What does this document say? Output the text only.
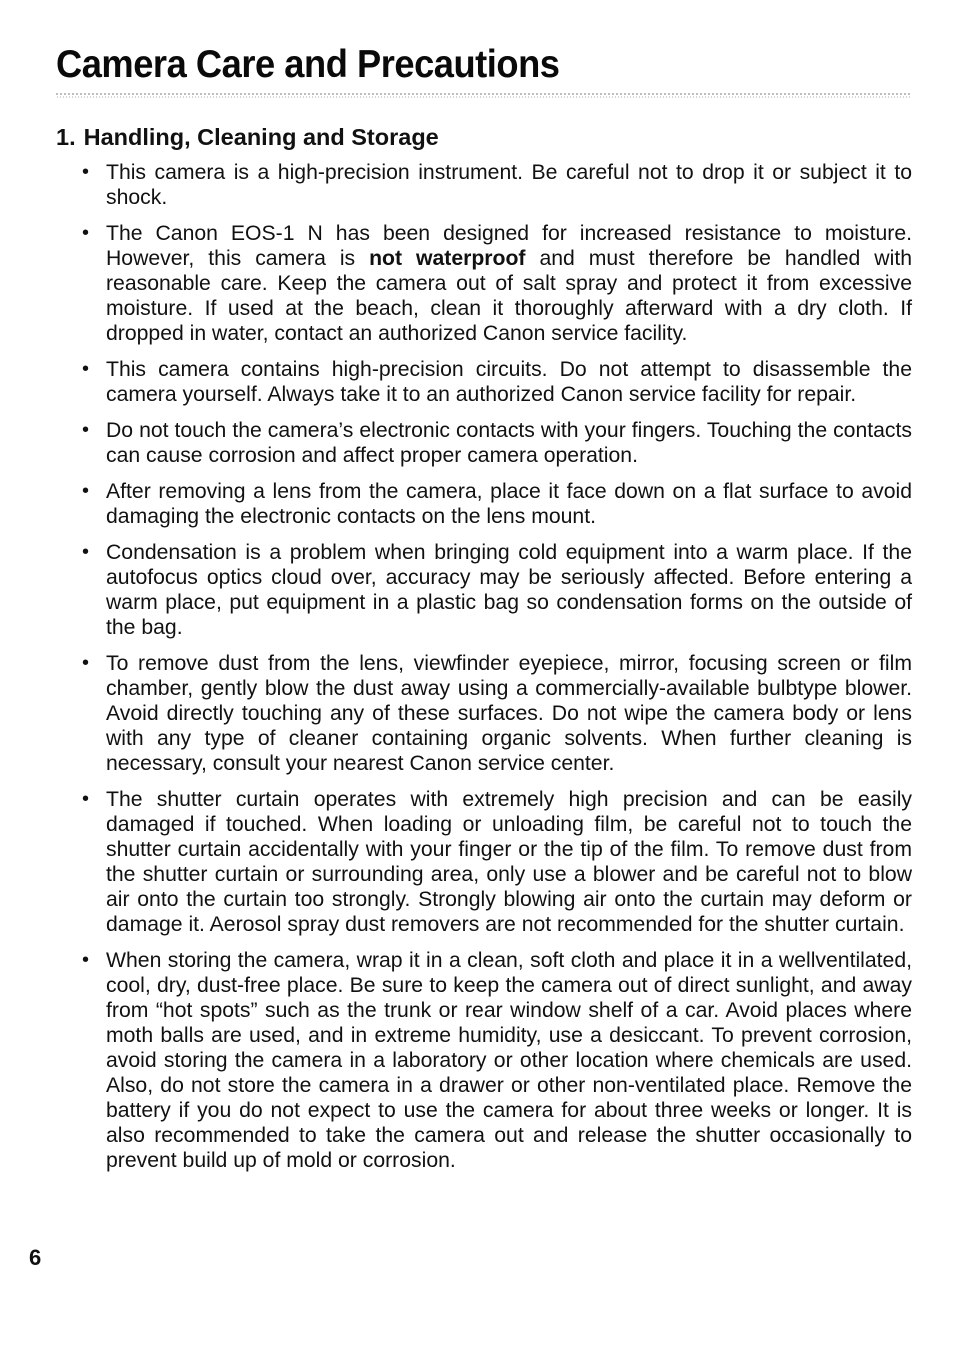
Camera Care and Precautions
1. Handling, Cleaning and Storage
• This camera is a high-precision instrument. Be careful not to drop it or subject it to shock.
• The Canon EOS-1 N has been designed for increased resistance to moisture. However, this camera is not waterproof and must therefore be handled with reasonable care. Keep the camera out of salt spray and protect it from excessive moisture. If used at the beach, clean it thoroughly afterward with a dry cloth. If dropped in water, contact an authorized Canon service facility.
• This camera contains high-precision circuits. Do not attempt to disassemble the camera yourself. Always take it to an authorized Canon service facility for repair.
• Do not touch the camera’s electronic contacts with your fingers. Touching the contacts can cause corrosion and affect proper camera operation.
• After removing a lens from the camera, place it face down on a flat surface to avoid damaging the electronic contacts on the lens mount.
• Condensation is a problem when bringing cold equipment into a warm place. If the autofocus optics cloud over, accuracy may be seriously affected. Before entering a warm place, put equipment in a plastic bag so condensation forms on the outside of the bag.
• To remove dust from the lens, viewfinder eyepiece, mirror, focusing screen or film chamber, gently blow the dust away using a commercially-available bulbtype blower. Avoid directly touching any of these surfaces. Do not wipe the camera body or lens with any type of cleaner containing organic solvents. When further cleaning is necessary, consult your nearest Canon service center.
• The shutter curtain operates with extremely high precision and can be easily damaged if touched. When loading or unloading film, be careful not to touch the shutter curtain accidentally with your finger or the tip of the film. To remove dust from the shutter curtain or surrounding area, only use a blower and be careful not to blow air onto the curtain too strongly. Strongly blowing air onto the curtain may deform or damage it. Aerosol spray dust removers are not recommended for the shutter curtain.
• When storing the camera, wrap it in a clean, soft cloth and place it in a wellventilated, cool, dry, dust-free place. Be sure to keep the camera out of direct sunlight, and away from “hot spots” such as the trunk or rear window shelf of a car. Avoid places where moth balls are used, and in extreme humidity, use a desiccant. To prevent corrosion, avoid storing the camera in a laboratory or other location where chemicals are used. Also, do not store the camera in a drawer or other non-ventilated place. Remove the battery if you do not expect to use the camera for about three weeks or longer. It is also recommended to take the camera out and release the shutter occasionally to prevent build up of mold or corrosion.
6
